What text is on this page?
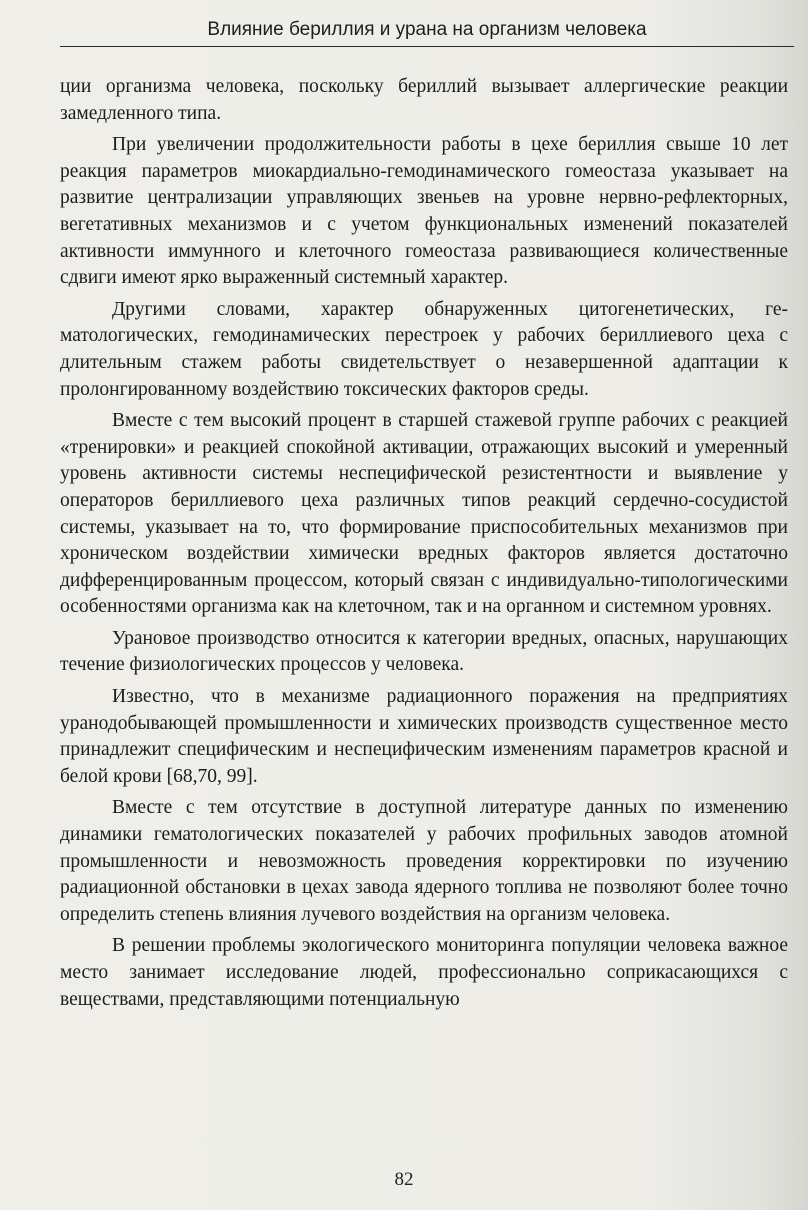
Влияние бериллия и урана на организм человека

ции организма человека, поскольку бериллий вызывает аллергические реакции замедленного типа.

При увеличении продолжительности работы в цехе бериллия свыше 10 лет реакция параметров миокардиально-гемодинамического гомеостаза указывает на развитие централизации управляющих звеньев на уровне нервно-рефлекторных, вегетативных механизмов и с учетом функциональных изменений показателей активности иммунного и клеточного гомеостаза развивающиеся количественные сдвиги имеют ярко выраженный системный характер.

Другими словами, характер обнаруженных цитогенетических, гематологических, гемодинамических перестроек у рабочих бериллиевого цеха с длительным стажем работы свидетельствует о незавершенной адаптации к пролонгированному воздействию токсических факторов среды.

Вместе с тем высокий процент в старшей стажевой группе рабочих с реакцией «тренировки» и реакцией спокойной активации, отражающих высокий и умеренный уровень активности системы неспецифической резистентности и выявление у операторов бериллиевого цеха различных типов реакций сердечно-сосудистой системы, указывает на то, что формирование приспособительных механизмов при хроническом воздействии химически вредных факторов является достаточно дифференцированным процессом, который связан с индивидуально-типологическими особенностями организма как на клеточном, так и на органном и системном уровнях.

Урановое производство относится к категории вредных, опасных, нарушающих течение физиологических процессов у человека.

Известно, что в механизме радиационного поражения на предприятиях уранодобывающей промышленности и химических производств существенное место принадлежит специфическим и неспецифическим изменениям параметров красной и белой крови [68,70, 99].

Вместе с тем отсутствие в доступной литературе данных по изменению динамики гематологических показателей у рабочих профильных заводов атомной промышленности и невозможность проведения корректировки по изучению радиационной обстановки в цехах завода ядерного топлива не позволяют более точно определить степень влияния лучевого воздействия на организм человека.

В решении проблемы экологического мониторинга популяции человека важное место занимает исследование людей, профессионально соприкасающихся с веществами, представляющими потенциальную

82
